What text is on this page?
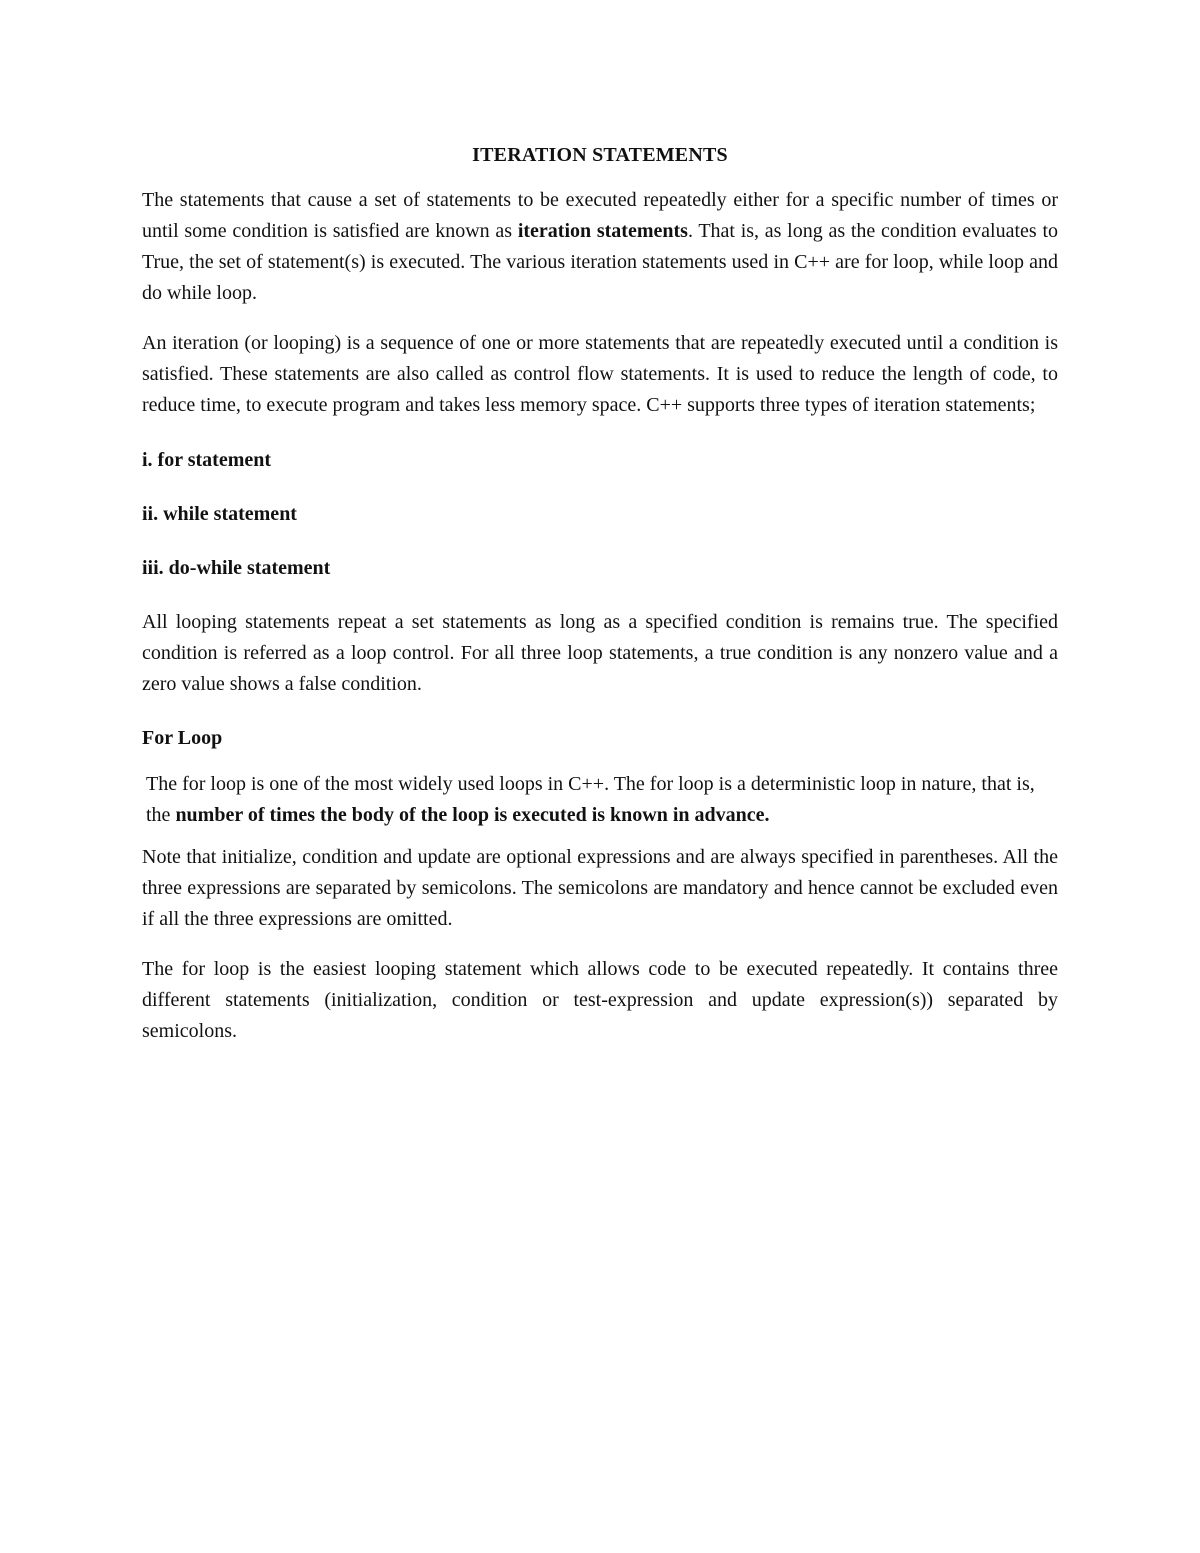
ITERATION STATEMENTS

The statements that cause a set of statements to be executed repeatedly either for a specific number of times or until some condition is satisfied are known as iteration statements. That is, as long as the condition evaluates to True, the set of statement(s) is executed. The various iteration statements used in C++ are for loop, while loop and do while loop.

An iteration (or looping) is a sequence of one or more statements that are repeatedly executed until a condition is satisfied. These statements are also called as control flow statements. It is used to reduce the length of code, to reduce time, to execute program and takes less memory space. C++ supports three types of iteration statements;

i. for statement
ii. while statement
iii. do-while statement

All looping statements repeat a set statements as long as a specified condition is remains true. The specified condition is referred as a loop control. For all three loop statements, a true condition is any nonzero value and a zero value shows a false condition.

For Loop

The for loop is one of the most widely used loops in C++. The for loop is a deterministic loop in nature, that is, the number of times the body of the loop is executed is known in advance.

Note that initialize, condition and update are optional expressions and are always specified in parentheses. All the three expressions are separated by semicolons. The semicolons are mandatory and hence cannot be excluded even if all the three expressions are omitted.

The for loop is the easiest looping statement which allows code to be executed repeatedly. It contains three different statements (initialization, condition or test-expression and update expression(s)) separated by semicolons.
